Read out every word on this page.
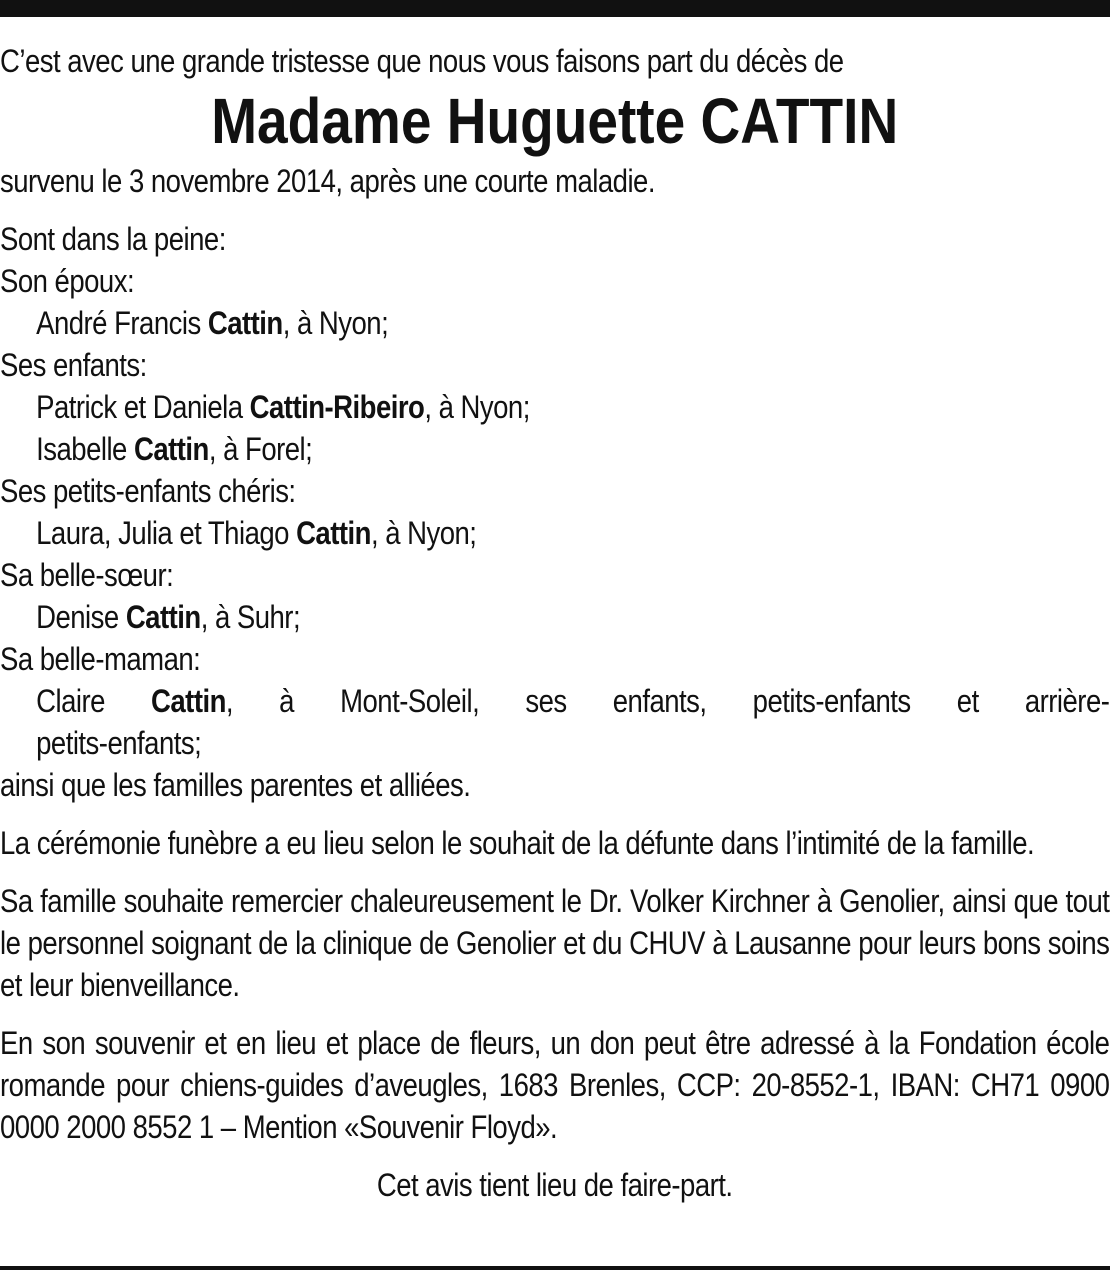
C’est avec une grande tristesse que nous vous faisons part du décès de

Madame Huguette CATTIN

survenu le 3 novembre 2014, après une courte maladie.

Sont dans la peine:

Son époux:

André Francis Cattin, à Nyon;

Ses enfants:

Patrick et Daniela Cattin-Ribeiro, à Nyon;

Isabelle Cattin, à Forel;

Ses petits-enfants chéris:

Laura, Julia et Thiago Cattin, à Nyon;

Sa belle-sœur:

Denise Cattin, à Suhr;

Sa belle-maman:

Claire Cattin, à Mont-Soleil, ses enfants, petits-enfants et arrière-

petits-enfants;

ainsi que les familles parentes et alliées.

La cérémonie funèbre a eu lieu selon le souhait de la défunte dans l’intimité de la famille.

Sa famille souhaite remercier chaleureusement le Dr. Volker Kirchner à Genolier, ainsi que tout le personnel soignant de la clinique de Genolier et du CHUV à Lausanne pour leurs bons soins et leur bienveillance.

En son souvenir et en lieu et place de fleurs, un don peut être adressé à la Fondation école romande pour chiens-guides d’aveugles, 1683 Brenles, CCP: 20-8552-1, IBAN: CH71 0900 0000 2000 8552 1 – Mention «Souvenir Floyd».

Cet avis tient lieu de faire-part.
